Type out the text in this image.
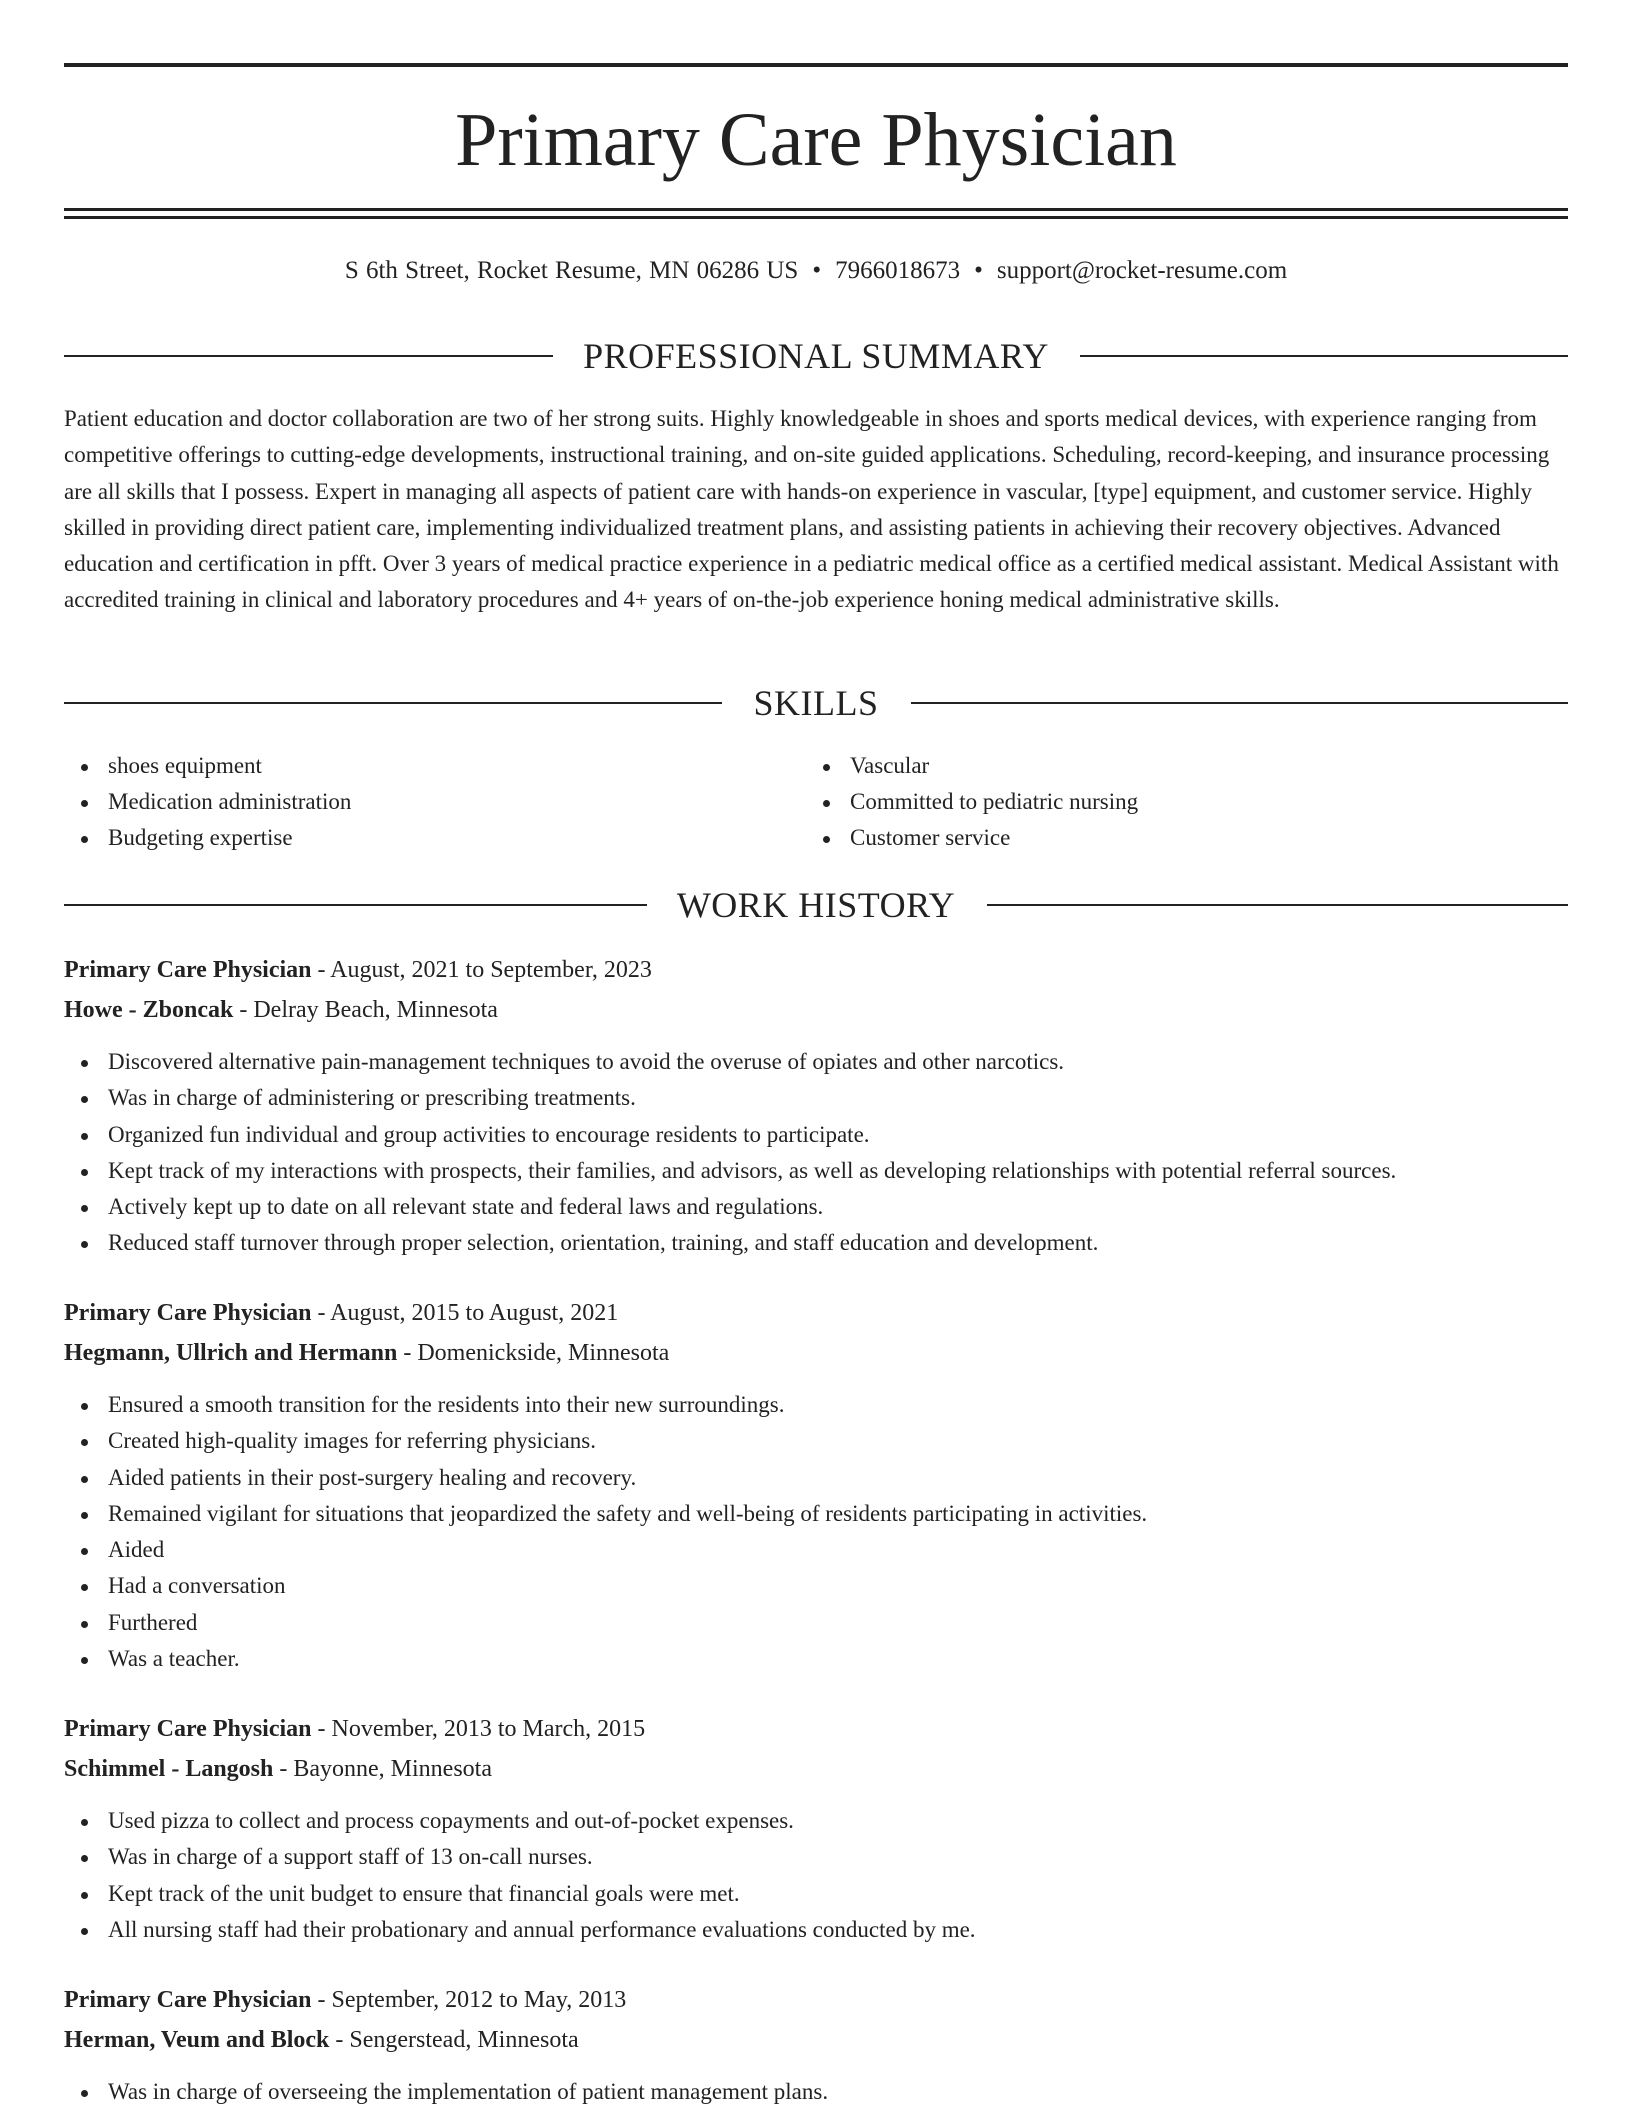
Primary Care Physician
S 6th Street, Rocket Resume, MN 06286 US • 7966018673 • support@rocket-resume.com
PROFESSIONAL SUMMARY

Patient education and doctor collaboration are two of her strong suits. Highly knowledgeable in shoes and sports medical devices, with experience ranging from competitive offerings to cutting-edge developments, instructional training, and on-site guided applications. Scheduling, record-keeping, and insurance processing are all skills that I possess. Expert in managing all aspects of patient care with hands-on experience in vascular, [type] equipment, and customer service. Highly skilled in providing direct patient care, implementing individualized treatment plans, and assisting patients in achieving their recovery objectives. Advanced education and certification in pfft. Over 3 years of medical practice experience in a pediatric medical office as a certified medical assistant. Medical Assistant with accredited training in clinical and laboratory procedures and 4+ years of on-the-job experience honing medical administrative skills.

SKILLS
shoes equipment
Medication administration
Budgeting expertise
Vascular
Committed to pediatric nursing
Customer service
WORK HISTORY
Primary Care Physician - August, 2021 to September, 2023
Howe - Zboncak - Delray Beach, Minnesota
Discovered alternative pain-management techniques to avoid the overuse of opiates and other narcotics.
Was in charge of administering or prescribing treatments.
Organized fun individual and group activities to encourage residents to participate.
Kept track of my interactions with prospects, their families, and advisors, as well as developing relationships with potential referral sources.
Actively kept up to date on all relevant state and federal laws and regulations.
Reduced staff turnover through proper selection, orientation, training, and staff education and development.
Primary Care Physician - August, 2015 to August, 2021
Hegmann, Ullrich and Hermann - Domenickside, Minnesota
Ensured a smooth transition for the residents into their new surroundings.
Created high-quality images for referring physicians.
Aided patients in their post-surgery healing and recovery.
Remained vigilant for situations that jeopardized the safety and well-being of residents participating in activities.
Aided
Had a conversation
Furthered
Was a teacher.
Primary Care Physician - November, 2013 to March, 2015
Schimmel - Langosh - Bayonne, Minnesota
Used pizza to collect and process copayments and out-of-pocket expenses.
Was in charge of a support staff of 13 on-call nurses.
Kept track of the unit budget to ensure that financial goals were met.
All nursing staff had their probationary and annual performance evaluations conducted by me.
Primary Care Physician - September, 2012 to May, 2013
Herman, Veum and Block - Sengerstead, Minnesota
Was in charge of overseeing the implementation of patient management plans.
